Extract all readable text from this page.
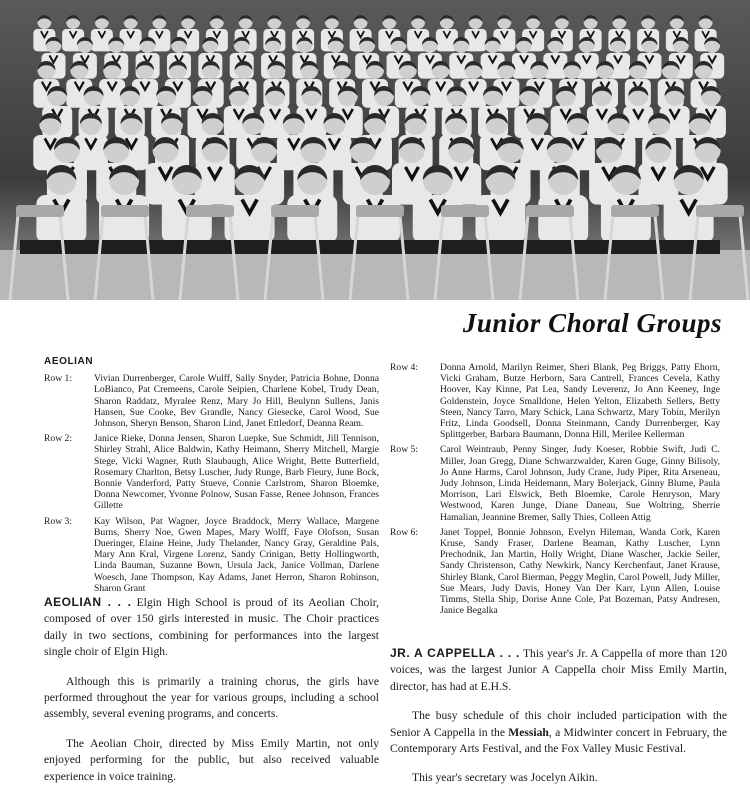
Junior Choral Groups
AEOLIAN
Row 1:	Vivian Durrenberger, Carole Wulff, Sally Snyder, Patricia Bohne, Donna LoBianco, Pat Cremeens, Carole Seipien, Charlene Kobel, Trudy Dean, Sharon Raddatz, Myralee Renz, Mary Jo Hill, Beulynn Sullens, Janis Hansen, Sue Cooke, Bev Grandle, Nancy Giesecke, Carol Wood, Sue Johnson, Sheryn Benson, Sharon Lind, Janet Ettledorf, Deanna Ream.
Row 2:	Janice Rieke, Donna Jensen, Sharon Luepke, Sue Schmidt, Jill Tennison, Shirley Strahl, Alice Baldwin, Kathy Heimann, Sherry Mitchell, Margie Stege, Vicki Wagner, Ruth Slaubaugh, Alice Wright, Bette Butterfield, Rosemary Charlton, Betsy Luscher, Judy Runge, Barb Fleury, June Bock, Bonnie Vanderford, Patty Stueve, Connie Carlstrom, Sharon Bloemke, Donna Newcomer, Yvonne Polnow, Susan Fasse, Renee Johnson, Frances Gillette
Row 3:	Kay Wilson, Pat Wagner, Joyce Braddock, Merry Wallace, Margene Burns, Sherry Noe, Gwen Mapes, Mary Wolff, Faye Olofson, Susan Dueringer, Elaine Heine, Judy Thelander, Nancy Gray, Geraldine Pals, Mary Ann Kral, Virgene Lorenz, Sandy Crinigan, Betty Hollingworth, Linda Bauman, Suzanne Bown, Ursula Jack, Janice Vollman, Darlene Woesch, Jane Thompson, Kay Adams, Janet Herron, Sharon Robinson, Sharon Grant
Row 4:	Donna Arnold, Marilyn Reimer, Sheri Blank, Peg Briggs, Patty Ehorn, Vicki Graham, Butze Herborn, Sara Cantrell, Frances Cevela, Kathy Hoover, Kay Kinne, Pat Lea, Sandy Leverenz, Jo Ann Keeney, Inge Goldenstein, Joyce Smalldone, Helen Yelton, Elizabeth Sellers, Betty Steen, Nancy Tarro, Mary Schick, Lana Schwartz, Mary Tobin, Merilyn Fritz, Linda Goodsell, Donna Steinmann, Candy Durrenberger, Kay Splittgerber, Barbara Baumann, Donna Hill, Merilee Kellerman
Row 5:	Carol Weintraub, Penny Singer, Judy Koeser, Robbie Swift, Judi C. Miller, Joan Gregg, Diane Schwarzwalder, Karen Guge, Ginny Bilisoly, Jo Anne Harms, Carol Johnson, Judy Crane, Judy Piper, Rita Arseneau, Judy Johnson, Linda Heidemann, Mary Bolerjack, Ginny Blume, Paula Morrison, Lari Elswick, Beth Bloemke, Carole Henryson, Mary Westwood, Karen Junge, Diane Daneau, Sue Woltring, Sherrie Hamalian, Jeannine Bremer, Sally Thies, Colleen Attig
Row 6:	Janet Toppel, Bonnie Johnson, Evelyn Hileman, Wanda Cork, Karen Kruse, Sandy Fraser, Darlene Beaman, Kathy Luscher, Lynn Prechodnik, Jan Martin, Holly Wright, Diane Wascher, Jackie Seiler, Sandy Christenson, Cathy Newkirk, Nancy Kerchenfaut, Janet Krause, Shirley Blank, Carol Bierman, Peggy Meglin, Carol Powell, Judy Miller, Sue Mears, Judy Davis, Honey Van Der Karr, Lynn Allen, Louise Timms, Stella Ship, Dorise Anne Cole, Pat Bozeman, Patsy Andresen, Janice Begalka

AEOLIAN . . . Elgin High School is proud of its Aeolian Choir, composed of over 150 girls interested in music. The Choir practices daily in two sections, combining for performances into the largest single choir of Elgin High.

Although this is primarily a training chorus, the girls have performed throughout the year for various groups, including a school assembly, several evening programs, and concerts.

The Aeolian Choir, directed by Miss Emily Martin, not only enjoyed performing for the public, but also received valuable experience in voice training.

JR. A CAPPELLA . . . This year's Jr. A Cappella of more than 120 voices, was the largest Junior A Cappella choir Miss Emily Martin, director, has had at E.H.S.

The busy schedule of this choir included participation with the Senior A Cappella in the Messiah, a Midwinter concert in February, the Contemporary Arts Festival, and the Fox Valley Music Festival.

This year's secretary was Jocelyn Aikin.
